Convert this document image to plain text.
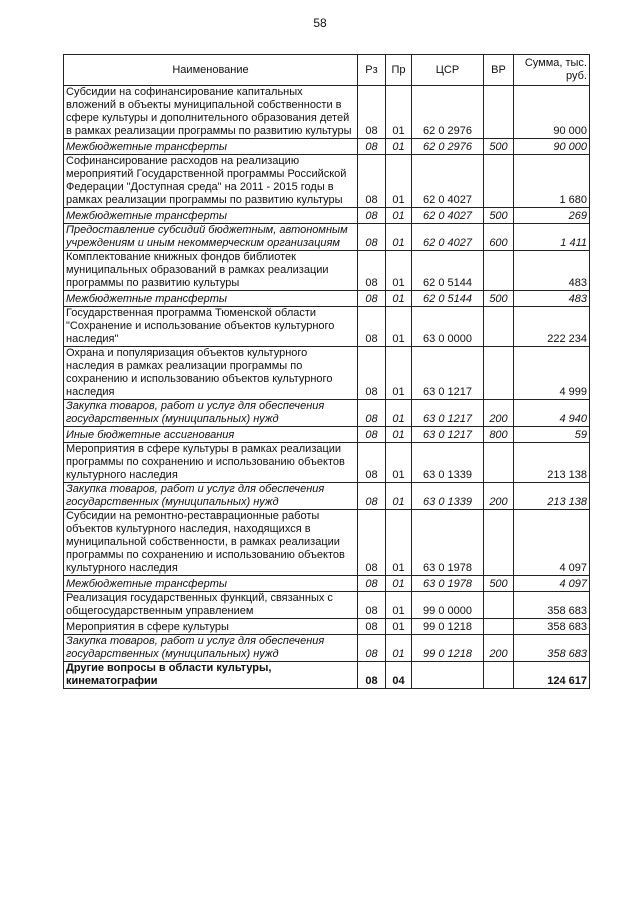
58
Наименование	Рз	Пр	ЦСР	ВР	Сумма, тыс. руб.
Субсидии на софинансирование капитальных вложений в объекты муниципальной собственности в сфере культуры и дополнительного образования детей в рамках реализации программы по развитию культуры	08	01	62 0 2976		90 000
Межбюджетные трансферты	08	01	62 0 2976	500	90 000
Софинансирование расходов на реализацию мероприятий Государственной программы Российской Федерации "Доступная среда" на 2011 - 2015 годы в рамках реализации программы по развитию культуры	08	01	62 0 4027		1 680
Межбюджетные трансферты	08	01	62 0 4027	500	269
Предоставление субсидий бюджетным, автономным учреждениям и иным некоммерческим организациям	08	01	62 0 4027	600	1 411
Комплектование книжных фондов библиотек муниципальных образований в рамках реализации программы по развитию культуры	08	01	62 0 5144		483
Межбюджетные трансферты	08	01	62 0 5144	500	483
Государственная программа Тюменской области "Сохранение и использование объектов культурного наследия"	08	01	63 0 0000		222 234
Охрана и популяризация объектов культурного наследия в рамках реализации программы по сохранению и использованию объектов культурного наследия	08	01	63 0 1217		4 999
Закупка товаров, работ и услуг для обеспечения государственных (муниципальных) нужд	08	01	63 0 1217	200	4 940
Иные бюджетные ассигнования	08	01	63 0 1217	800	59
Мероприятия в сфере культуры в рамках реализации программы по сохранению и использованию объектов культурного наследия	08	01	63 0 1339		213 138
Закупка товаров, работ и услуг для обеспечения государственных (муниципальных) нужд	08	01	63 0 1339	200	213 138
Субсидии на ремонтно-реставрационные работы объектов культурного наследия, находящихся в муниципальной собственности, в рамках реализации программы по сохранению и использованию объектов культурного наследия	08	01	63 0 1978		4 097
Межбюджетные трансферты	08	01	63 0 1978	500	4 097
Реализация государственных функций, связанных с общегосударственным управлением	08	01	99 0 0000		358 683
Мероприятия в сфере культуры	08	01	99 0 1218		358 683
Закупка товаров, работ и услуг для обеспечения государственных (муниципальных) нужд	08	01	99 0 1218	200	358 683
Другие вопросы в области культуры, кинематографии	08	04			124 617
